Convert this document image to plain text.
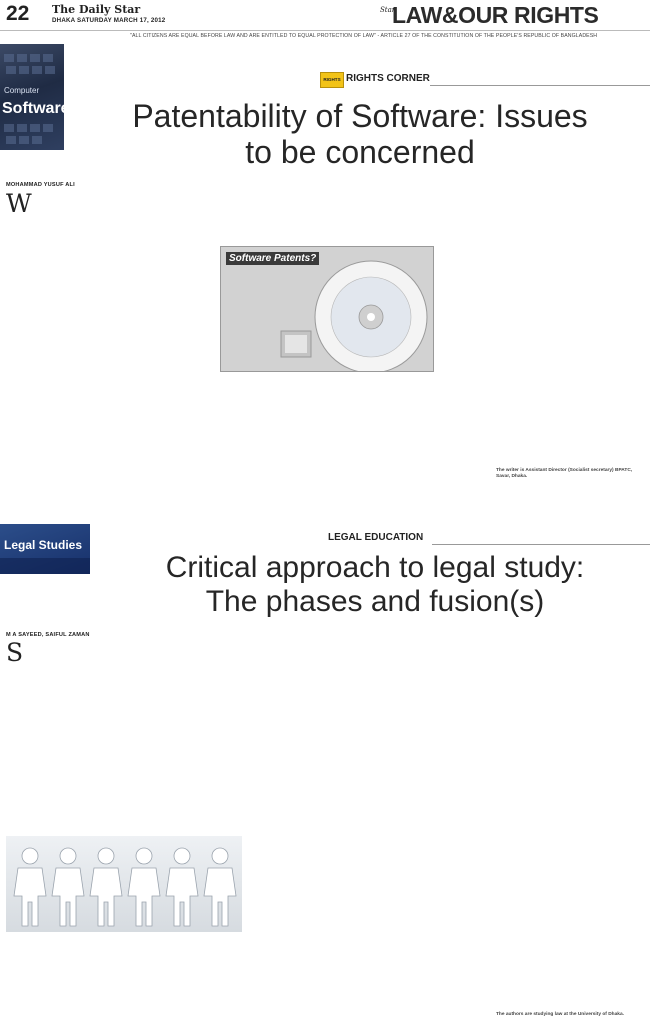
22 The Daily Star
DHAKA SATURDAY MARCH 17, 2012
Star
LAW&OUR RIGHTS
"ALL CITIZENS ARE EQUAL BEFORE LAW AND ARE ENTITLED TO EQUAL PROTECTION OF LAW" - ARTICLE 27 OF THE CONSTITUTION OF THE PEOPLE'S REPUBLIC OF BANGLADESH
Software
Computer
RIGHTS RIGHTS CORNER
Patentability of Software: Issues
to be concerned
MOHAMMAD YUSUF ALI
W
Software Patents?
The writer is Assistant Director (Socialist secretary) BPATC, Savar, Dhaka.
Legal Studies
LEGAL EDUCATION
Critical approach to legal study:
The phases and fusion(s)
M A SAYEED, SAIFUL ZAMAN
S
The authors are studying law at the University of Dhaka.
